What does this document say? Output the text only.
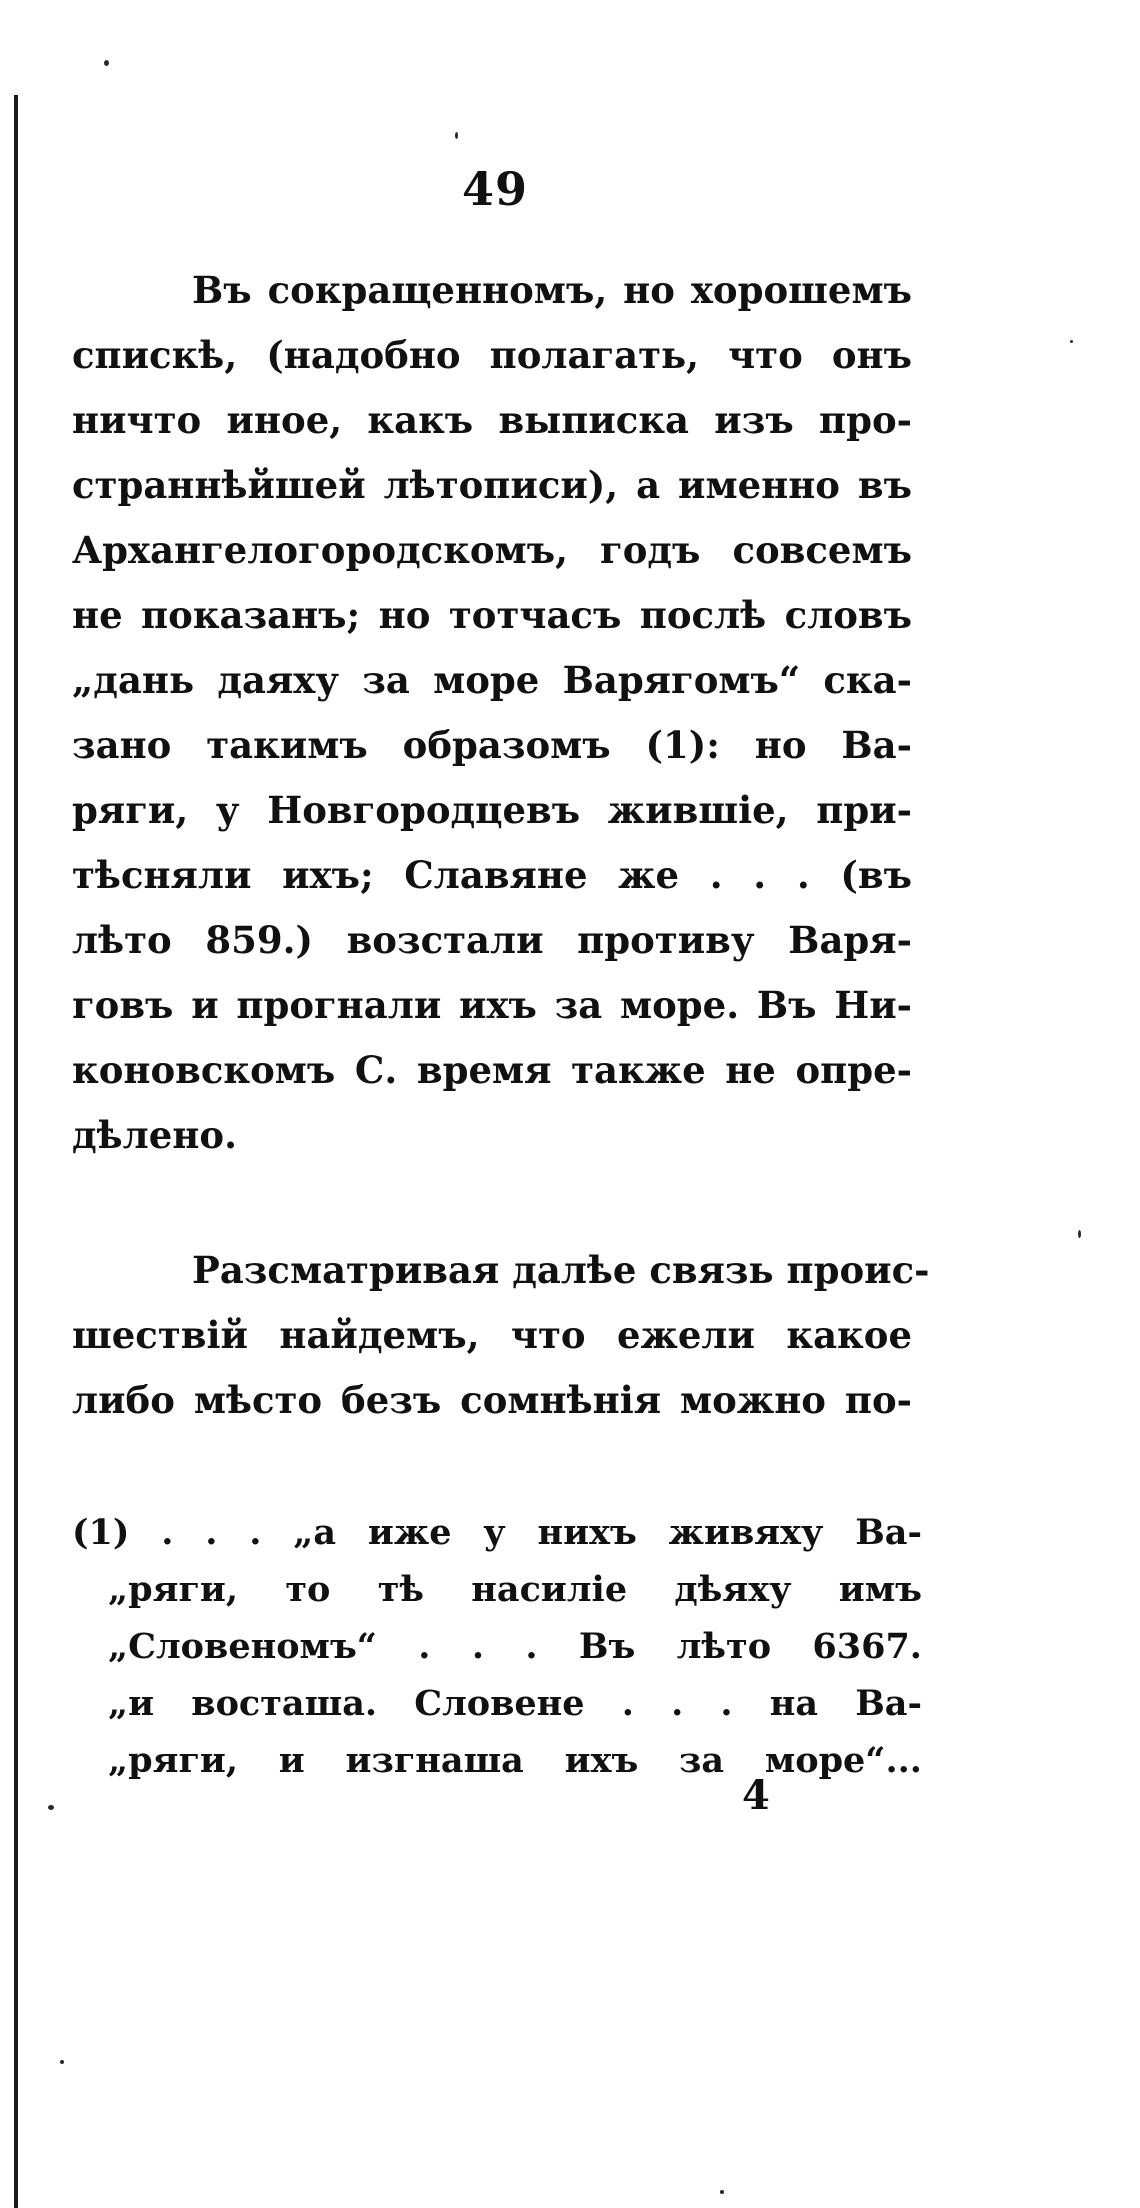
49
Въ сокращенномъ, но хорошемъ
спискѣ, (надобно полагать, что онъ
ничто иное, какъ выписка изъ про-
страннѣйшей лѣтописи), а именно въ
Архангелогородскомъ, годъ совсемъ
не показанъ; но тотчасъ послѣ словъ
„дань даяху за море Варягомъ“ ска-
зано такимъ образомъ (1): но Ва-
ряги, у Новгородцевъ жившіе, при-
тѣсняли ихъ; Славяне же . . . (въ
лѣто 859.) возстали противу Варя-
говъ и прогнали ихъ за море. Въ Ни-
коновскомъ С. время также не опре-
дѣлено.
Разсматривая далѣе связь проис-
шествій найдемъ, что ежели какое
либо мѣсто безъ сомнѣнія можно по-
(1) . . . „а иже у нихъ живяху Ва-
„ряги, то тѣ насиліе дѣяху имъ
„Словеномъ“ . . . Въ лѣто 6367.
„и восташа. Словене . . . на Ва-
„ряги, и изгнаша ихъ за море“...
4
